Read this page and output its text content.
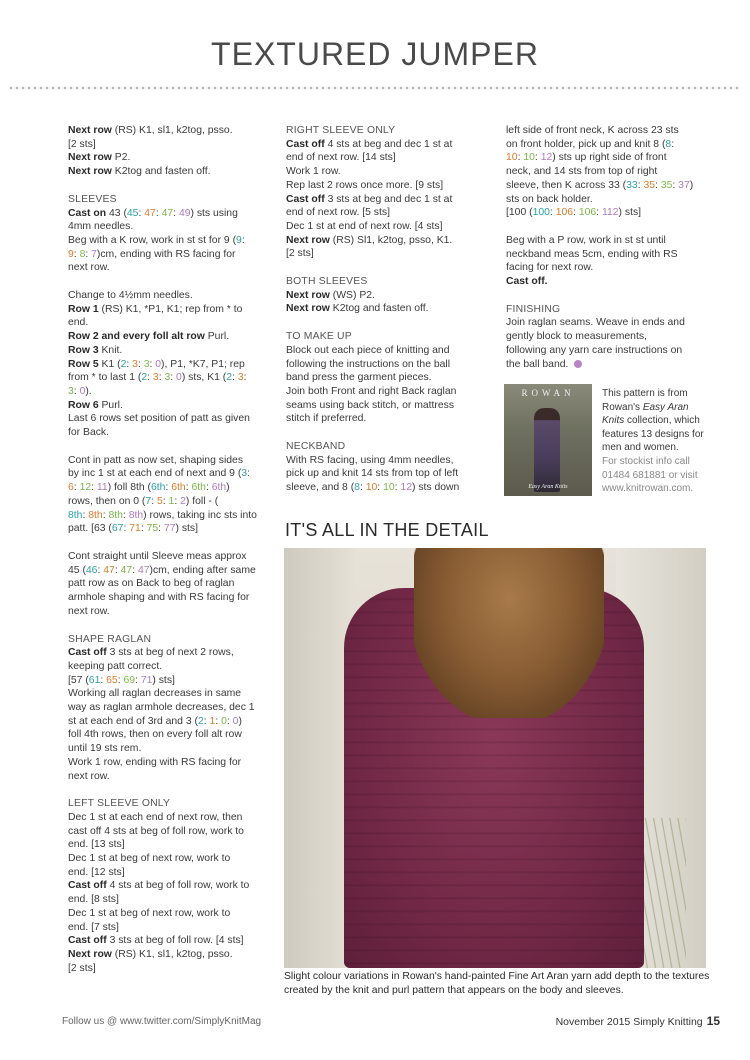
TEXTURED JUMPER

Next row (RS) K1, sl1, k2tog, psso.

[2 sts]

Next row P2.

Next row K2tog and fasten off.

SLEEVES

Cast on 43 (45: 47: 47: 49) sts using

4mm needles.

Beg with a K row, work in st st for 9 (9:

9: 8: 7)cm, ending with RS facing for

next row.

Change to 4½mm needles.

Row 1 (RS) K1, *P1, K1; rep from * to

end.

Row 2 and every foll alt row Purl.

Row 3 Knit.

Row 5 K1 (2: 3: 3: 0), P1, *K7, P1; rep

from * to last 1 (2: 3: 3: 0) sts, K1 (2: 3:

3: 0).

Row 6 Purl.

Last 6 rows set position of patt as given

for Back.

Cont in patt as now set, shaping sides

by inc 1 st at each end of next and 9 (3:

6: 12: 11) foll 8th (6th: 6th: 6th: 6th)

rows, then on 0 (7: 5: 1: 2) foll - (

8th: 8th: 8th: 8th) rows, taking inc sts into

patt. [63 (67: 71: 75: 77) sts]

Cont straight until Sleeve meas approx

45 (46: 47: 47: 47)cm, ending after same

patt row as on Back to beg of raglan

armhole shaping and with RS facing for

next row.

SHAPE RAGLAN

Cast off 3 sts at beg of next 2 rows,

keeping patt correct.

[57 (61: 65: 69: 71) sts]

Working all raglan decreases in same

way as raglan armhole decreases, dec 1

st at each end of 3rd and 3 (2: 1: 0: 0)

foll 4th rows, then on every foll alt row

until 19 sts rem.

Work 1 row, ending with RS facing for

next row.

LEFT SLEEVE ONLY

Dec 1 st at each end of next row, then

cast off 4 sts at beg of foll row, work to

end. [13 sts]

Dec 1 st at beg of next row, work to

end. [12 sts]

Cast off 4 sts at beg of foll row, work to

end. [8 sts]

Dec 1 st at beg of next row, work to

end. [7 sts]

Cast off 3 sts at beg of foll row. [4 sts]

Next row (RS) K1, sl1, k2tog, psso.

[2 sts]

RIGHT SLEEVE ONLY

Cast off 4 sts at beg and dec 1 st at

end of next row. [14 sts]

Work 1 row.

Rep last 2 rows once more. [9 sts]

Cast off 3 sts at beg and dec 1 st at

end of next row. [5 sts]

Dec 1 st at end of next row. [4 sts]

Next row (RS) Sl1, k2tog, psso, K1.

[2 sts]

BOTH SLEEVES

Next row (WS) P2.

Next row K2tog and fasten off.

TO MAKE UP

Block out each piece of knitting and

following the instructions on the ball

band press the garment pieces.

Join both Front and right Back raglan

seams using back stitch, or mattress

stitch if preferred.

NECKBAND

With RS facing, using 4mm needles,

pick up and knit 14 sts from top of left

sleeve, and 8 (8: 10: 10: 12) sts down

left side of front neck, K across 23 sts

on front holder, pick up and knit 8 (8:

10: 10: 12) sts up right side of front

neck, and 14 sts from top of right

sleeve, then K across 33 (33: 35: 35: 37)

sts on back holder.

[100 (100: 106: 106: 112) sts]

Beg with a P row, work in st st until

neckband meas 5cm, ending with RS

facing for next row.

Cast off.

FINISHING

Join raglan seams. Weave in ends and

gently block to measurements,

following any yarn care instructions on

the ball band.

ROWAN
Easy Aran Knits

This pattern is from

Rowan's Easy Aran

Knits collection, which

features 13 designs for

men and women.

For stockist info call

01484 681881 or visit

www.knitrowan.com.

IT'S ALL IN THE DETAIL
Slight colour variations in Rowan's hand-painted Fine Art Aran yarn add depth to the textures created by the knit and purl pattern that appears on the body and sleeves.
Follow us @ www.twitter.com/SimplyKnitMag	November 2015 Simply Knitting 15
